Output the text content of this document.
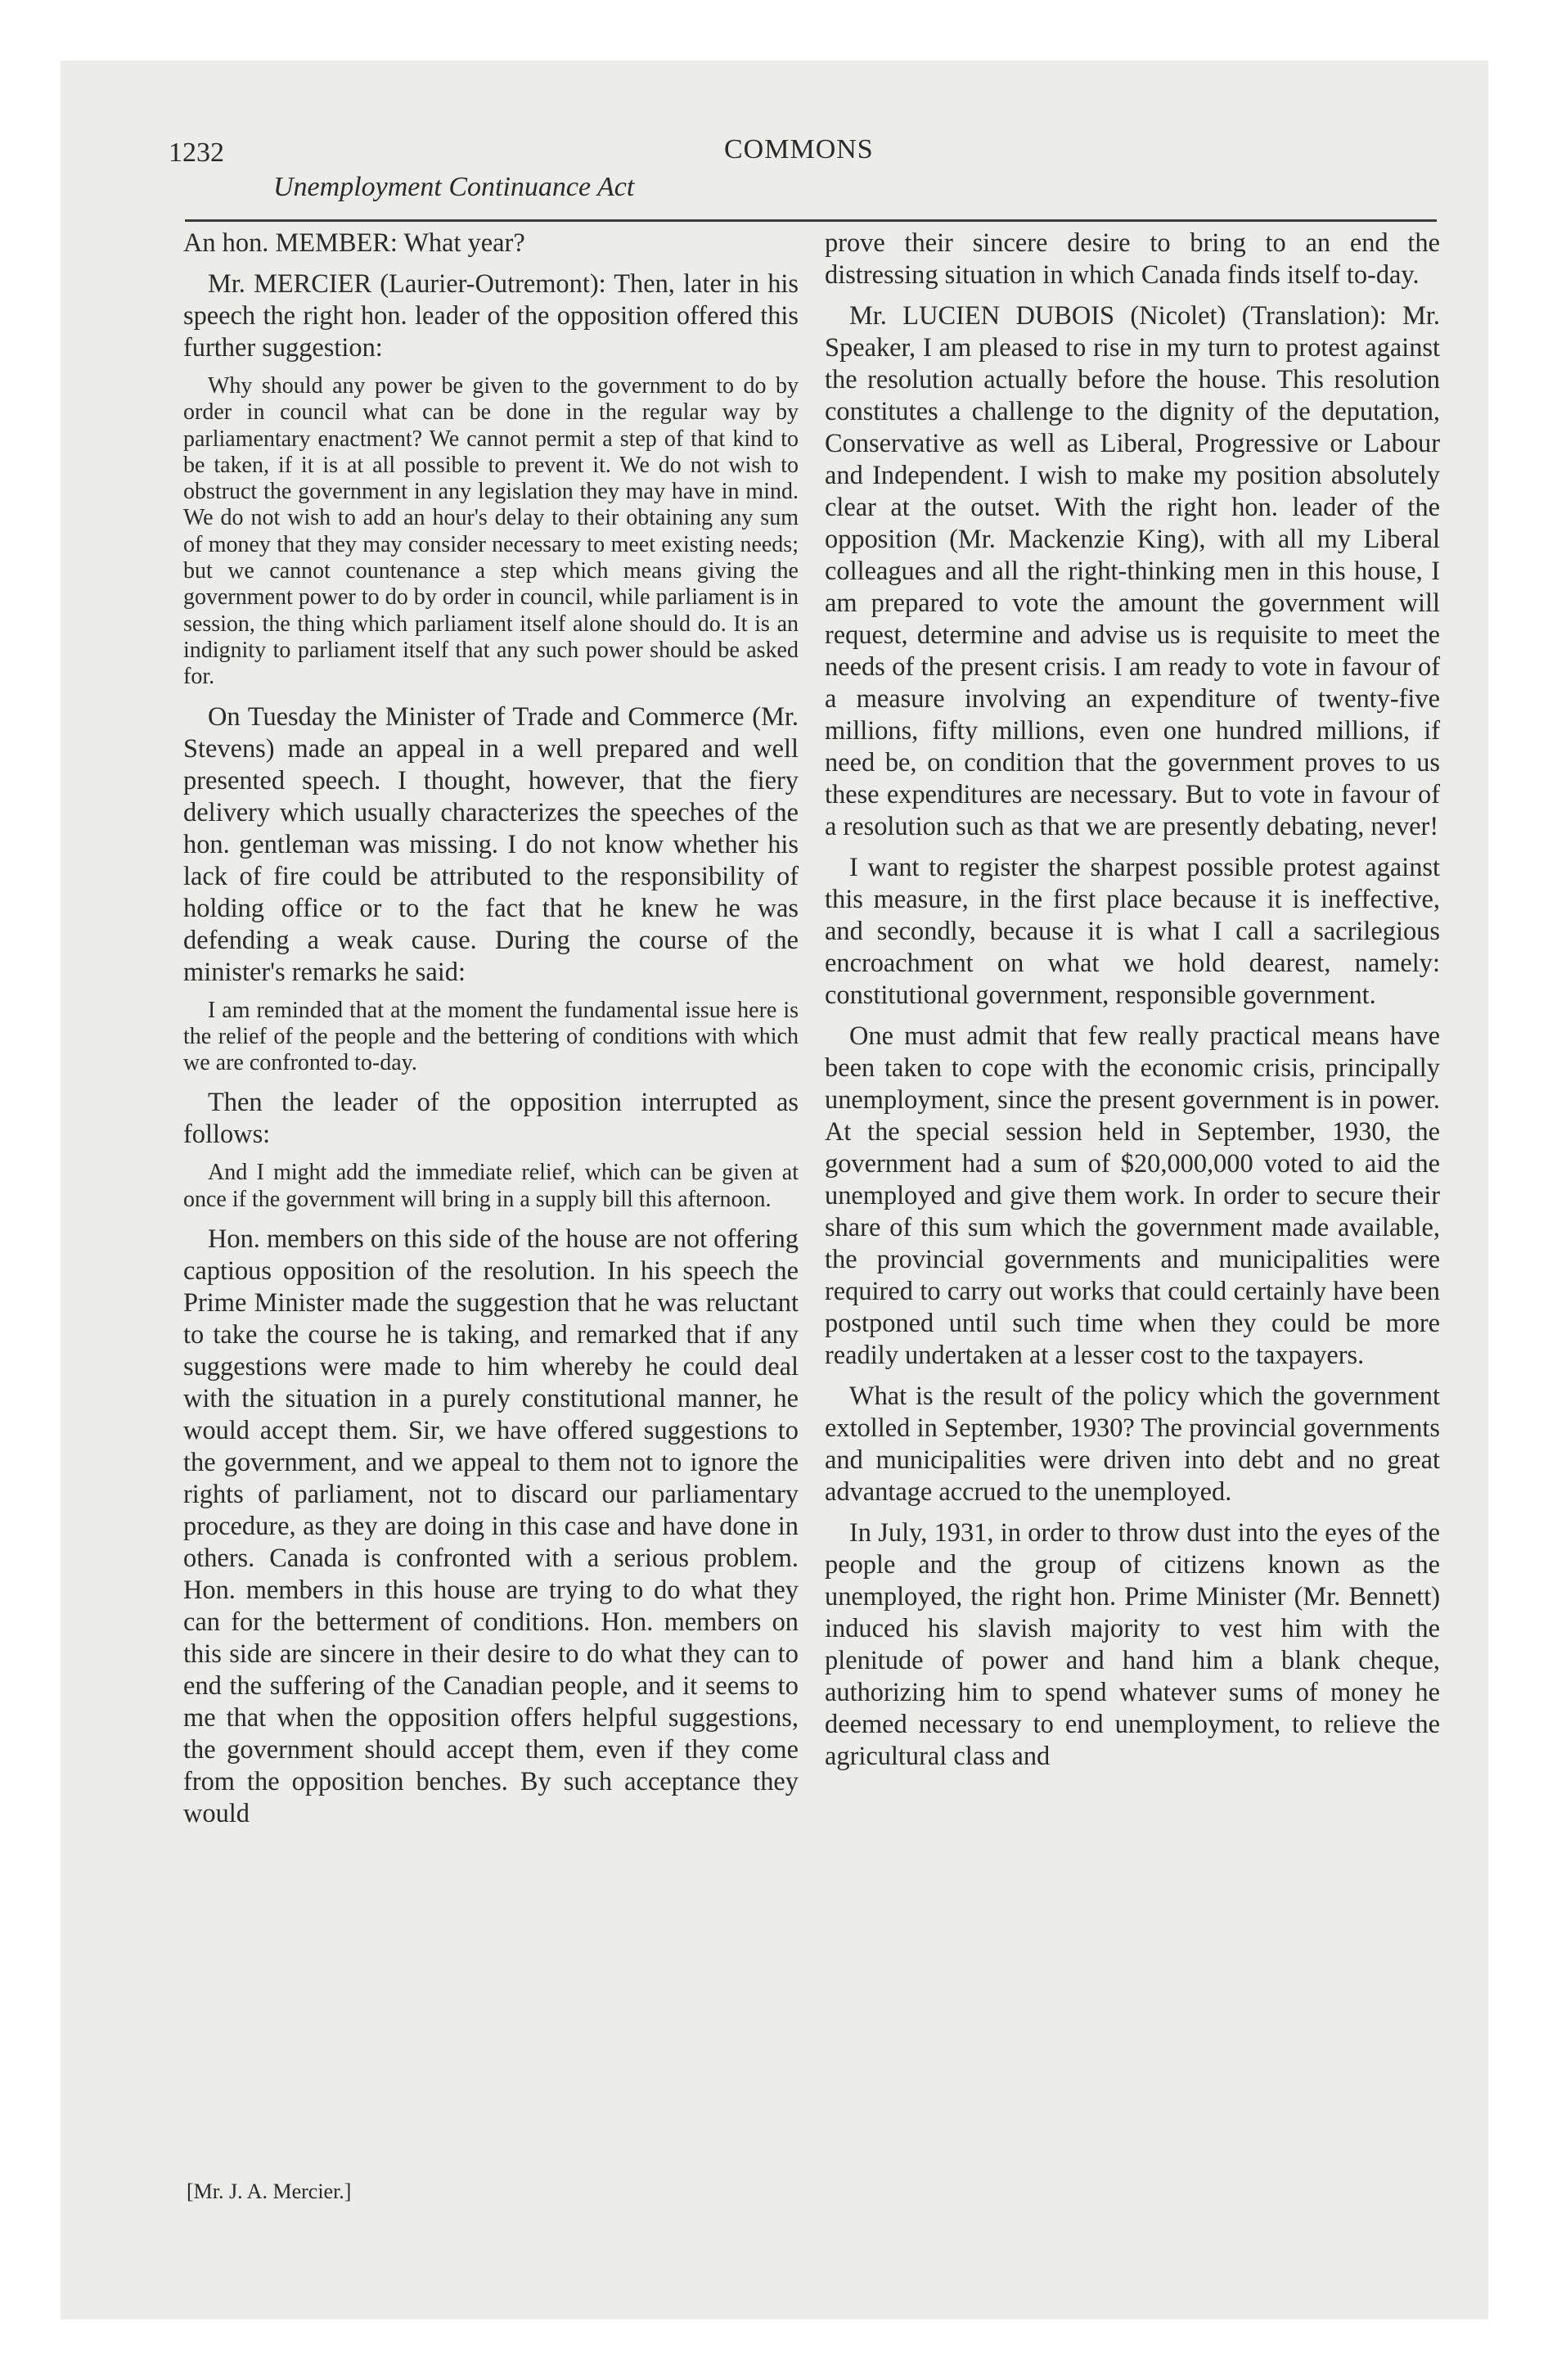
1232	COMMONS
Unemployment Continuance Act

An hon. MEMBER: What year?

Mr. MERCIER (Laurier-Outremont): Then, later in his speech the right hon. leader of the opposition offered this further suggestion:

Why should any power be given to the government to do by order in council what can be done in the regular way by parliamentary enactment? We cannot permit a step of that kind to be taken, if it is at all possible to prevent it. We do not wish to obstruct the government in any legislation they may have in mind. We do not wish to add an hour's delay to their obtaining any sum of money that they may consider necessary to meet existing needs; but we cannot countenance a step which means giving the government power to do by order in council, while parliament is in session, the thing which parliament itself alone should do. It is an indignity to parliament itself that any such power should be asked for.

On Tuesday the Minister of Trade and Commerce (Mr. Stevens) made an appeal in a well prepared and well presented speech. I thought, however, that the fiery delivery which usually characterizes the speeches of the hon. gentleman was missing. I do not know whether his lack of fire could be attributed to the responsibility of holding office or to the fact that he knew he was defending a weak cause. During the course of the minister's remarks he said:

I am reminded that at the moment the fundamental issue here is the relief of the people and the bettering of conditions with which we are confronted to-day.

Then the leader of the opposition interrupted as follows:

And I might add the immediate relief, which can be given at once if the government will bring in a supply bill this afternoon.

Hon. members on this side of the house are not offering captious opposition of the resolution. In his speech the Prime Minister made the suggestion that he was reluctant to take the course he is taking, and remarked that if any suggestions were made to him whereby he could deal with the situation in a purely constitutional manner, he would accept them. Sir, we have offered suggestions to the government, and we appeal to them not to ignore the rights of parliament, not to discard our parliamentary procedure, as they are doing in this case and have done in others. Canada is confronted with a serious problem. Hon. members in this house are trying to do what they can for the betterment of conditions. Hon. members on this side are sincere in their desire to do what they can to end the suffering of the Canadian people, and it seems to me that when the opposition offers helpful suggestions, the government should accept them, even if they come from the opposition benches. By such acceptance they would

prove their sincere desire to bring to an end the distressing situation in which Canada finds itself to-day.

Mr. LUCIEN DUBOIS (Nicolet) (Translation): Mr. Speaker, I am pleased to rise in my turn to protest against the resolution actually before the house. This resolution constitutes a challenge to the dignity of the deputation, Conservative as well as Liberal, Progressive or Labour and Independent. I wish to make my position absolutely clear at the outset. With the right hon. leader of the opposition (Mr. Mackenzie King), with all my Liberal colleagues and all the right-thinking men in this house, I am prepared to vote the amount the government will request, determine and advise us is requisite to meet the needs of the present crisis. I am ready to vote in favour of a measure involving an expenditure of twenty-five millions, fifty millions, even one hundred millions, if need be, on condition that the government proves to us these expenditures are necessary. But to vote in favour of a resolution such as that we are presently debating, never!

I want to register the sharpest possible protest against this measure, in the first place because it is ineffective, and secondly, because it is what I call a sacrilegious encroachment on what we hold dearest, namely: constitutional government, responsible government.

One must admit that few really practical means have been taken to cope with the economic crisis, principally unemployment, since the present government is in power. At the special session held in September, 1930, the government had a sum of $20,000,000 voted to aid the unemployed and give them work. In order to secure their share of this sum which the government made available, the provincial governments and municipalities were required to carry out works that could certainly have been postponed until such time when they could be more readily undertaken at a lesser cost to the taxpayers.

What is the result of the policy which the government extolled in September, 1930? The provincial governments and municipalities were driven into debt and no great advantage accrued to the unemployed.

In July, 1931, in order to throw dust into the eyes of the people and the group of citizens known as the unemployed, the right hon. Prime Minister (Mr. Bennett) induced his slavish majority to vest him with the plenitude of power and hand him a blank cheque, authorizing him to spend whatever sums of money he deemed necessary to end unemployment, to relieve the agricultural class and

[Mr. J. A. Mercier.]
